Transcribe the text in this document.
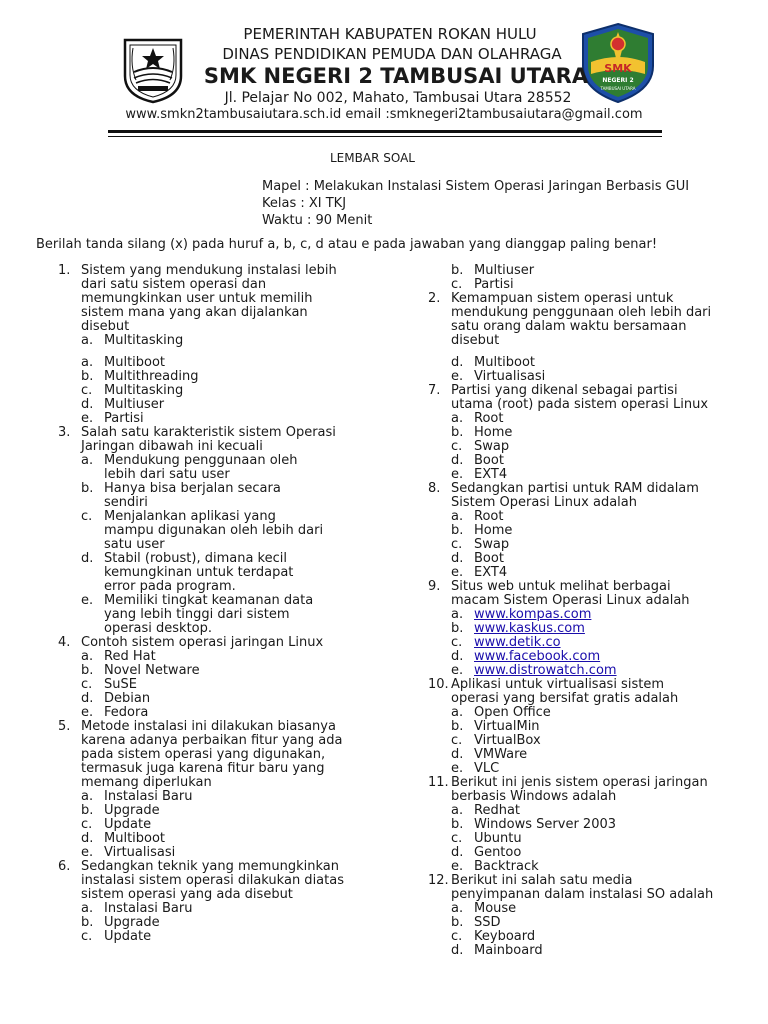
SMK
NEGERI 2
TAMBUSAI UTARA
PEMERINTAH KABUPATEN ROKAN HULU
DINAS PENDIDIKAN PEMUDA DAN OLAHRAGA
SMK NEGERI 2 TAMBUSAI UTARA
Jl. Pelajar No 002, Mahato, Tambusai Utara 28552
www.smkn2tambusaiutara.sch.id email :smknegeri2tambusaiutara@gmail.com
LEMBAR SOAL
Mapel : Melakukan Instalasi Sistem Operasi Jaringan Berbasis GUI
Kelas : XI TKJ
Waktu : 90 Menit
Berilah tanda silang (x) pada huruf a, b, c, d atau e pada jawaban yang dianggap paling benar!
1. Sistem yang mendukung instalasi lebih
dari satu sistem operasi dan
memungkinkan user untuk memilih
sistem mana yang akan dijalankan
disebut
a. Multitasking
a. Multiboot
b. Multithreading
c. Multitasking
d. Multiuser
e. Partisi
3. Salah satu karakteristik sistem Operasi
Jaringan dibawah ini kecuali
a. Mendukung penggunaan oleh
lebih dari satu user
b. Hanya bisa berjalan secara
sendiri
c. Menjalankan aplikasi yang
mampu digunakan oleh lebih dari
satu user
d. Stabil (robust), dimana kecil
kemungkinan untuk terdapat
error pada program.
e. Memiliki tingkat keamanan data
yang lebih tinggi dari sistem
operasi desktop.
4. Contoh sistem operasi jaringan Linux
a. Red Hat
b. Novel Netware
c. SuSE
d. Debian
e. Fedora
5. Metode instalasi ini dilakukan biasanya
karena adanya perbaikan fitur yang ada
pada sistem operasi yang digunakan,
termasuk juga karena fitur baru yang
memang diperlukan
a. Instalasi Baru
b. Upgrade
c. Update
d. Multiboot
e. Virtualisasi
6. Sedangkan teknik yang memungkinkan
instalasi sistem operasi dilakukan diatas
sistem operasi yang ada disebut
a. Instalasi Baru
b. Upgrade
c. Update
b. Multiuser
c. Partisi
2. Kemampuan sistem operasi untuk
mendukung penggunaan oleh lebih dari
satu orang dalam waktu bersamaan
disebut
d. Multiboot
e. Virtualisasi
7. Partisi yang dikenal sebagai partisi
utama (root) pada sistem operasi Linux
a. Root
b. Home
c. Swap
d. Boot
e. EXT4
8. Sedangkan partisi untuk RAM didalam
Sistem Operasi Linux adalah
a. Root
b. Home
c. Swap
d. Boot
e. EXT4
9. Situs web untuk melihat berbagai
macam Sistem Operasi Linux adalah
a. www.kompas.com
b. www.kaskus.com
c. www.detik.co
d. www.facebook.com
e. www.distrowatch.com
10. Aplikasi untuk virtualisasi sistem
operasi yang bersifat gratis adalah
a. Open Office
b. VirtualMin
c. VirtualBox
d. VMWare
e. VLC
11. Berikut ini jenis sistem operasi jaringan
berbasis Windows adalah
a. Redhat
b. Windows Server 2003
c. Ubuntu
d. Gentoo
e. Backtrack
12. Berikut ini salah satu media
penyimpanan dalam instalasi SO adalah
a. Mouse
b. SSD
c. Keyboard
d. Mainboard
